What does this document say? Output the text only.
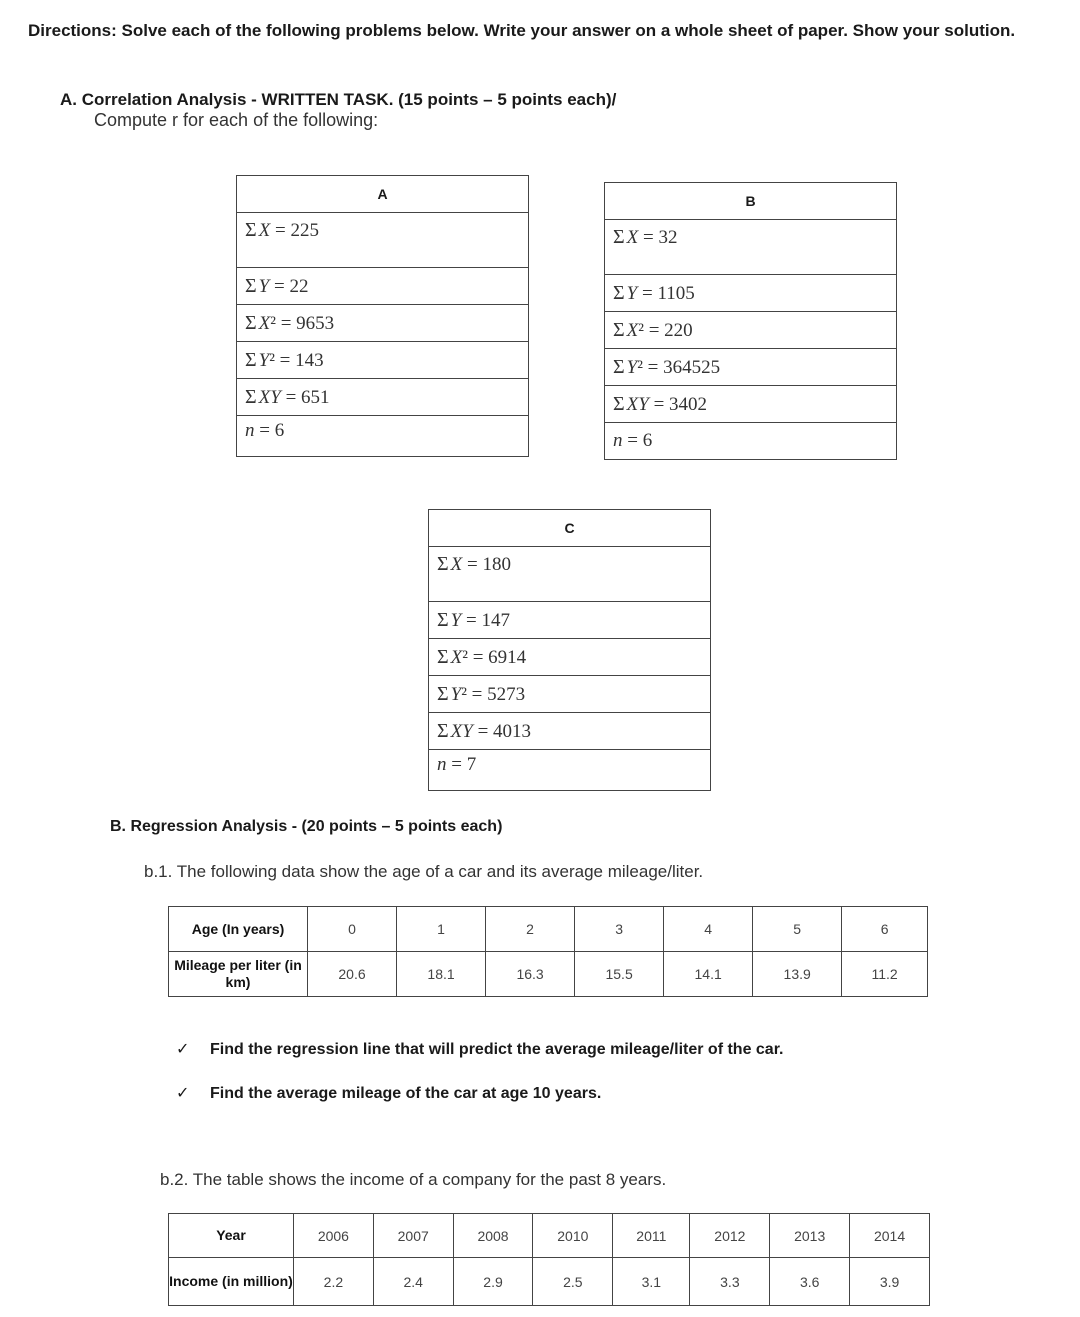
Directions: Solve each of the following problems below. Write your answer on a whole sheet of paper. Show your solution.
A. Correlation Analysis - WRITTEN TASK. (15 points – 5 points each)/
Compute r for each of the following:
A
Σ X = 225
Σ Y = 22
Σ X² = 9653
Σ Y² = 143
Σ XY = 651
n = 6
B
Σ X = 32
Σ Y = 1105
Σ X² = 220
Σ Y² = 364525
Σ XY = 3402
n = 6
C
Σ X = 180
Σ Y = 147
Σ X² = 6914
Σ Y² = 5273
Σ XY = 4013
n = 7
B. Regression Analysis - (20 points – 5 points each)
b.1. The following data show the age of a car and its average mileage/liter.
Age (In years)	0	1	2	3	4	5	6
Mileage per liter (in km)	20.6	18.1	16.3	15.5	14.1	13.9	11.2
✓ Find the regression line that will predict the average mileage/liter of the car.
✓ Find the average mileage of the car at age 10 years.
b.2. The table shows the income of a company for the past 8 years.
Year	2006	2007	2008	2010	2011	2012	2013	2014
Income (in million)	2.2	2.4	2.9	2.5	3.1	3.3	3.6	3.9
